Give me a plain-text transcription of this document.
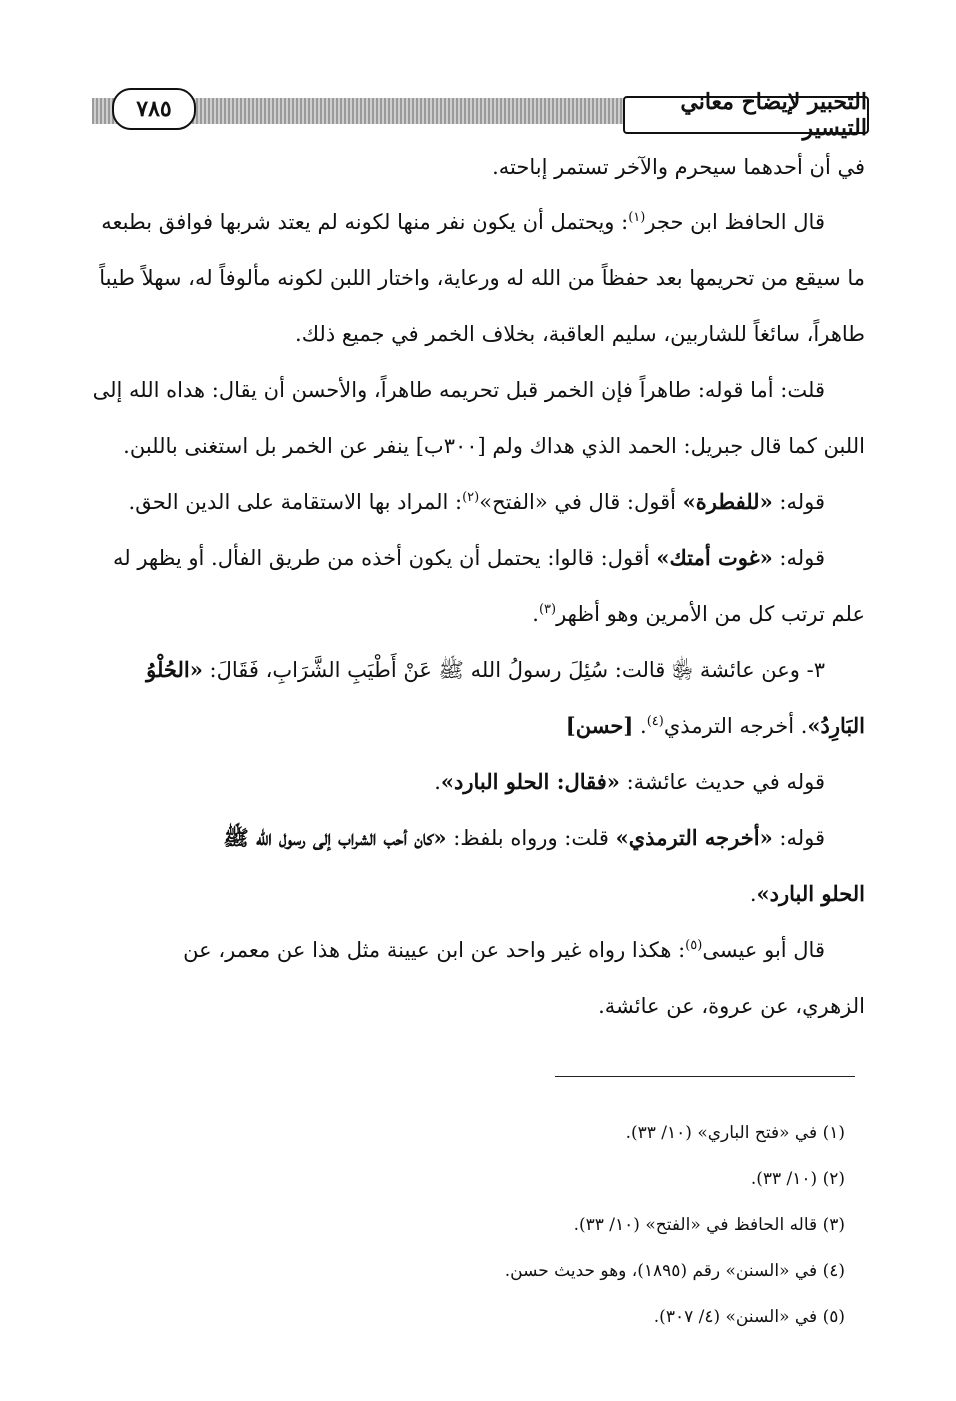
٧٨٥	التحبير لإيضاح معاني التيسير
في أن أحدهما سيحرم والآخر تستمر إباحته.
قال الحافظ ابن حجر$^{(١)}$: ويحتمل أن يكون نفر منها لكونه لم يعتد شربها فوافق بطبعه
ما سيقع من تحريمها بعد حفظاً من الله له ورعاية، واختار اللبن لكونه مألوفاً له، سهلاً طيباً
طاهراً، سائغاً للشاربين، سليم العاقبة، بخلاف الخمر في جميع ذلك.
قلت: أما قوله: طاهراً فإن الخمر قبل تحريمه طاهراً، والأحسن أن يقال: هداه الله إلى
اللبن كما قال جبريل: الحمد الذي هداك ولم [٣٠٠ب] ينفر عن الخمر بل استغنى باللبن.
قوله: «للفطرة» أقول: قال في «الفتح»$^{(٢)}$: المراد بها الاستقامة على الدين الحق.
قوله: «غوت أمتك» أقول: قالوا: يحتمل أن يكون أخذه من طريق الفأل. أو يظهر له
علم ترتب كل من الأمرين وهو أظهر$^{(٣)}$.
٣- وعن عائشة ﵂ قالت: سُئِلَ رسولُ الله ﷺ عَنْ أَطْيَبِ الشَّرَابِ، فَقَالَ: «الحُلْوُ
البَارِدُ». أخرجه الترمذي$^{(٤)}$. [حسن]
قوله في حديث عائشة: «فقال: الحلو البارد».
قوله: «أخرجه الترمذي» قلت: ورواه بلفظ: «كان أحب الشراب إلى رسول الله ﷺ
الحلو البارد».
قال أبو عيسى$^{(٥)}$: هكذا رواه غير واحد عن ابن عيينة مثل هذا عن معمر، عن
الزهري، عن عروة، عن عائشة.
(١) في «فتح الباري» (١٠/ ٣٣).
(٢) (١٠/ ٣٣).
(٣) قاله الحافظ في «الفتح» (١٠/ ٣٣).
(٤) في «السنن» رقم (١٨٩٥)، وهو حديث حسن.
(٥) في «السنن» (٤/ ٣٠٧).
